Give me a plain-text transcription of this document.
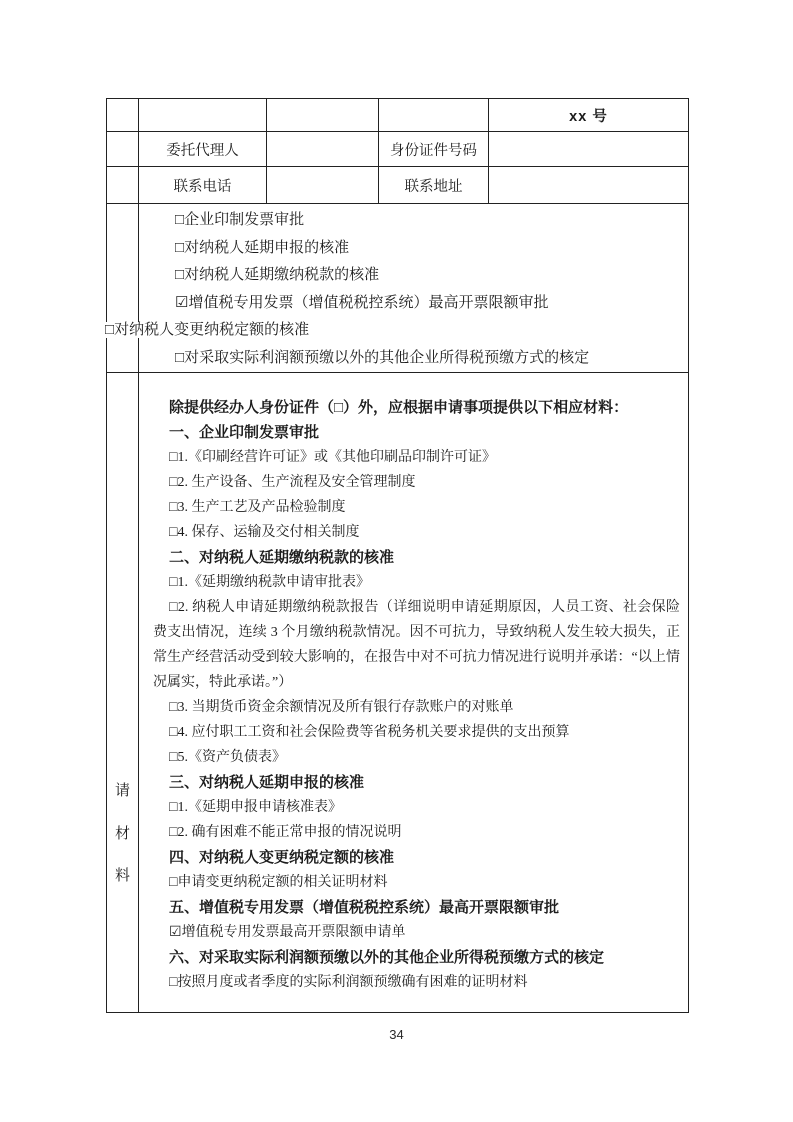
				xx 号
	委托代理人		身份证件号码	
	联系电话		联系地址	

□企业印制发票审批
□对纳税人延期申报的核准
□对纳税人延期缴纳税款的核准
☑增值税专用发票（增值税税控系统）最高开票限额审批
□对纳税人变更纳税定额的核准
□对采取实际利润额预缴以外的其他企业所得税预缴方式的核定

请
材
料

除提供经办人身份证件（□）外，应根据申请事项提供以下相应材料：
一、企业印制发票审批
□1.《印刷经营许可证》或《其他印刷品印制许可证》
□2. 生产设备、生产流程及安全管理制度
□3. 生产工艺及产品检验制度
□4. 保存、运输及交付相关制度
二、对纳税人延期缴纳税款的核准
□1.《延期缴纳税款申请审批表》
□2. 纳税人申请延期缴纳税款报告（详细说明申请延期原因，人员工资、社会保险费支出情况，连续 3 个月缴纳税款情况。因不可抗力，导致纳税人发生较大损失，正常生产经营活动受到较大影响的，在报告中对不可抗力情况进行说明并承诺：“以上情况属实，特此承诺。”）
□3. 当期货币资金余额情况及所有银行存款账户的对账单
□4. 应付职工工资和社会保险费等省税务机关要求提供的支出预算
□5.《资产负债表》
三、对纳税人延期申报的核准
□1.《延期申报申请核准表》
□2. 确有困难不能正常申报的情况说明
四、对纳税人变更纳税定额的核准
□申请变更纳税定额的相关证明材料
五、增值税专用发票（增值税税控系统）最高开票限额审批
☑增值税专用发票最高开票限额申请单
六、对采取实际利润额预缴以外的其他企业所得税预缴方式的核定
□按照月度或者季度的实际利润额预缴确有困难的证明材料
34
